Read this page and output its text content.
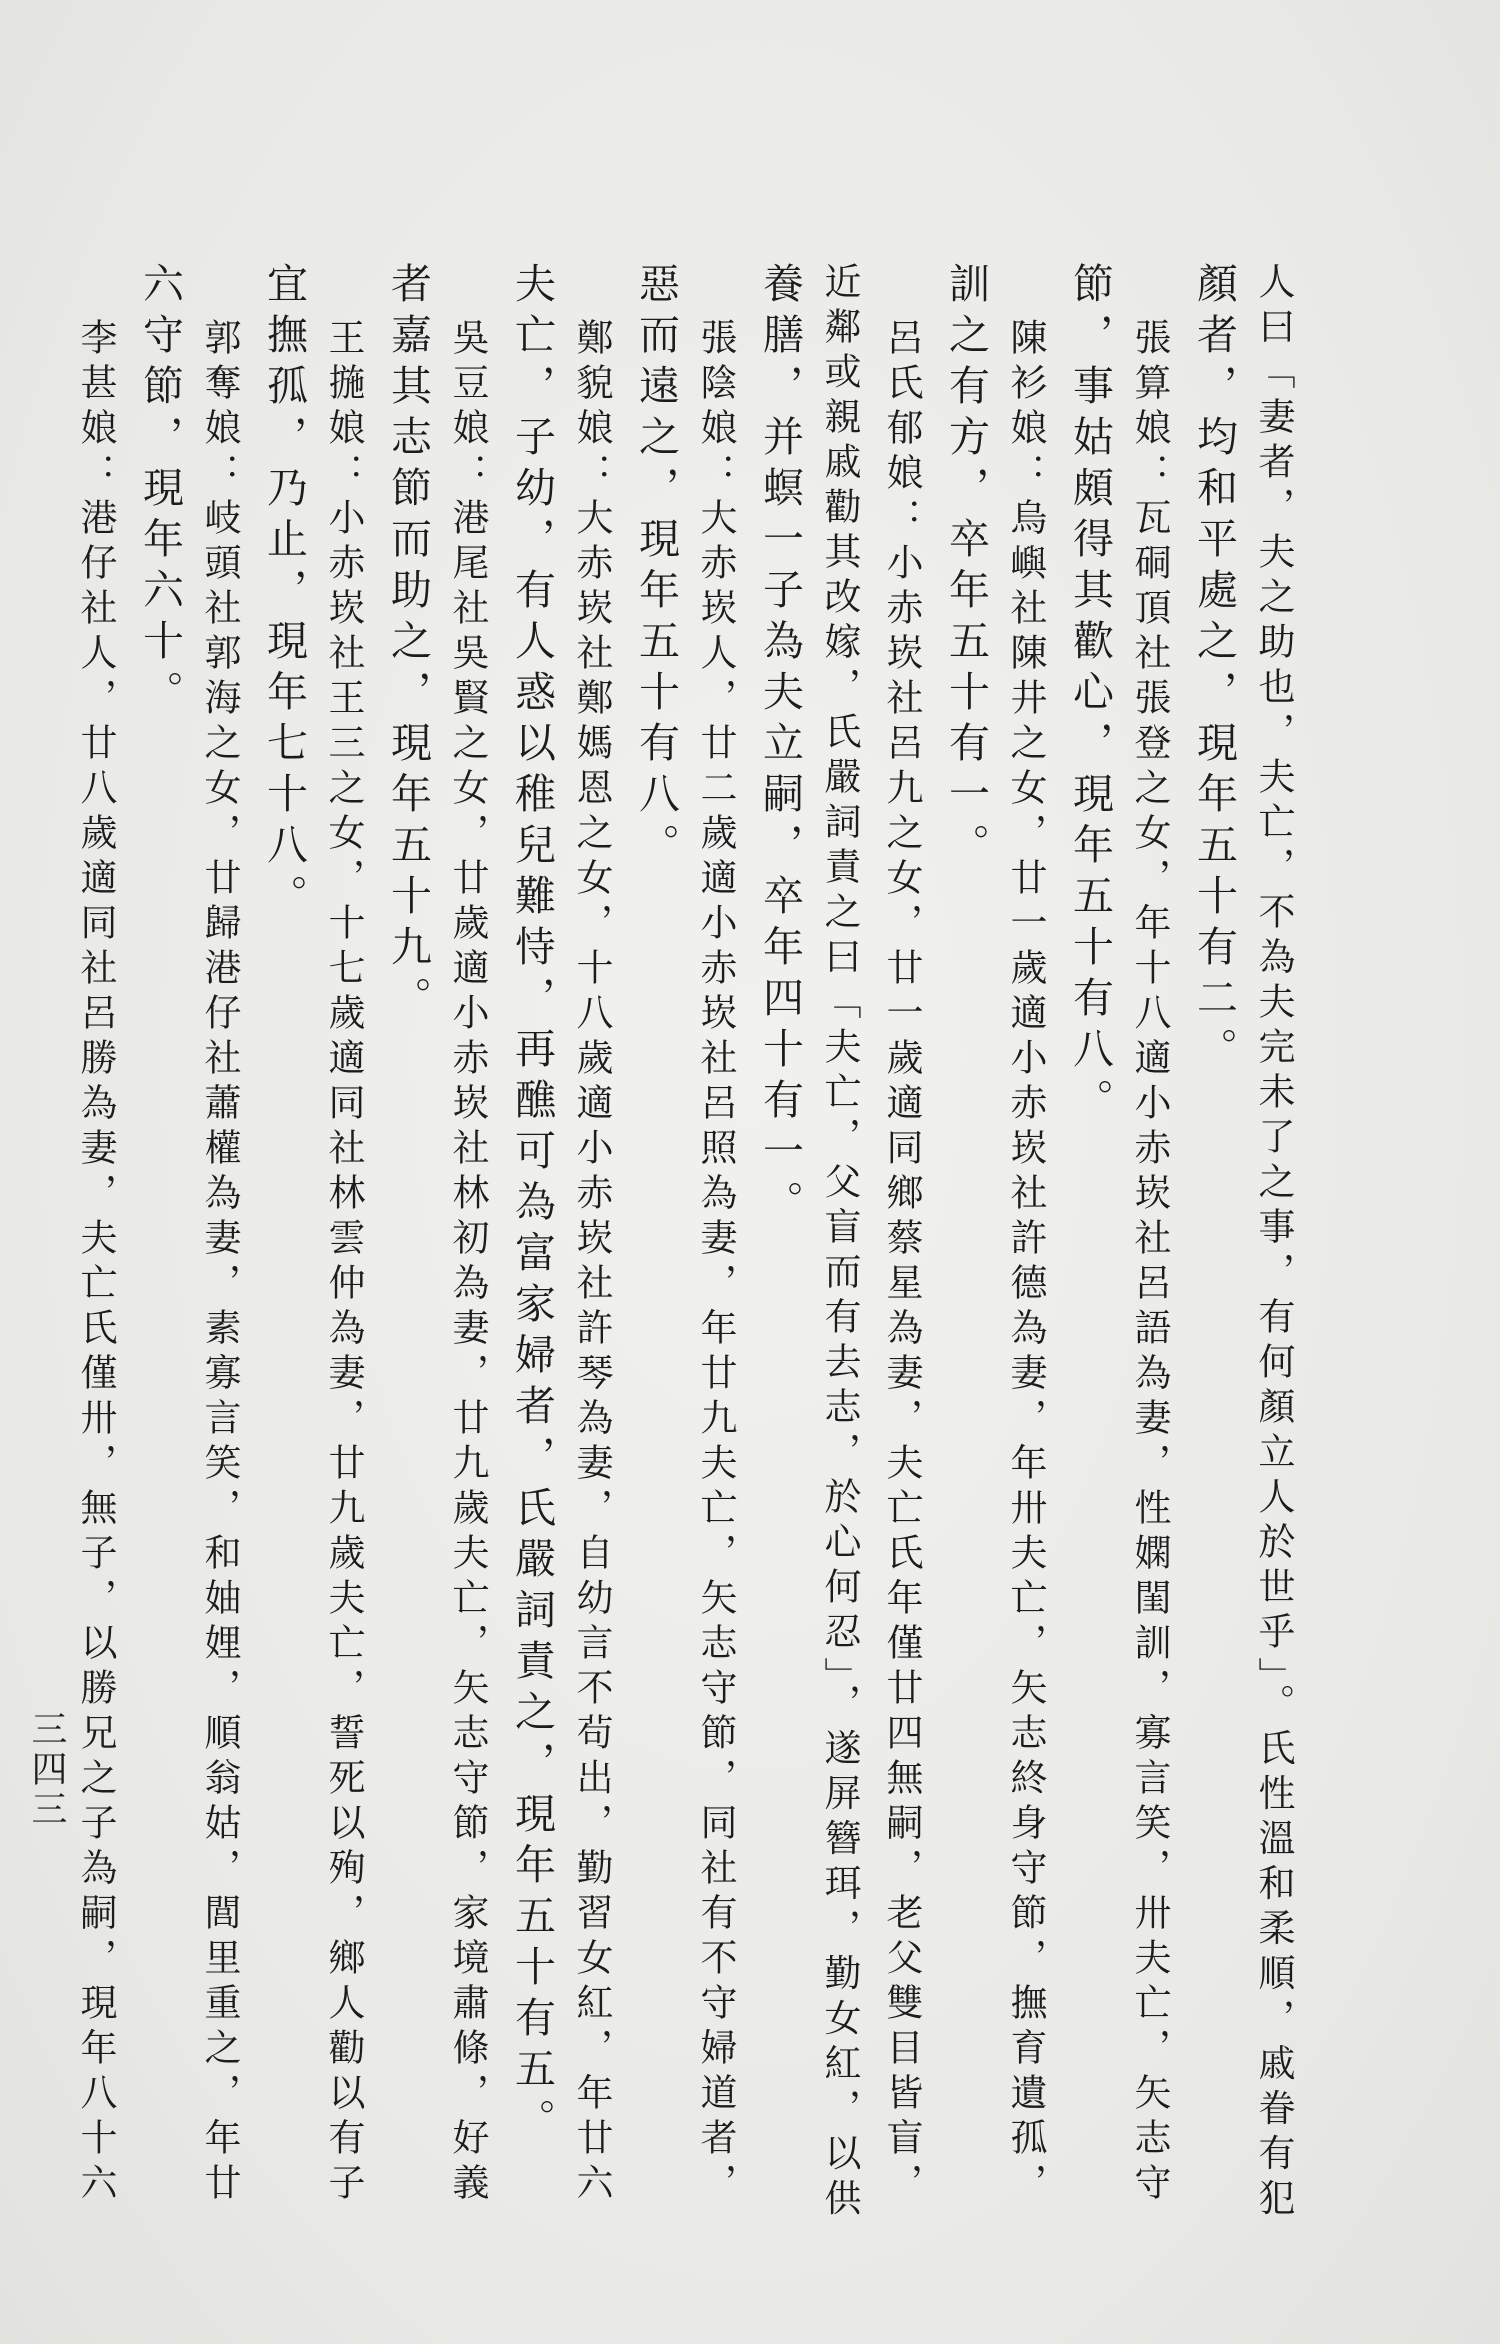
人曰「妻者，夫之助也，夫亡，不為夫完未了之事，有何顏立人於世乎」。氏性溫和柔順，戚眷有犯
顏者，均和平處之，現年五十有二。
張算娘：瓦硐頂社張登之女，年十八適小赤崁社呂語為妻，性嫻閨訓，寡言笑，卅夫亡，矢志守
節，事姑頗得其歡心，現年五十有八。
陳衫娘：烏嶼社陳井之女，廿一歲適小赤崁社許德為妻，年卅夫亡，矢志終身守節，撫育遺孤，
訓之有方，卒年五十有一。
呂氏郁娘：小赤崁社呂九之女，廿一歲適同鄉蔡星為妻，夫亡氏年僅廿四無嗣，老父雙目皆盲，
近鄰或親戚勸其改嫁，氏嚴詞責之曰「夫亡，父盲而有去志，於心何忍」，遂屏簪珥，勤女紅，以供
養膳，并螟一子為夫立嗣，卒年四十有一。
張陰娘：大赤崁人，廿二歲適小赤崁社呂照為妻，年廿九夫亡，矢志守節，同社有不守婦道者，
惡而遠之，現年五十有八。
鄭貌娘：大赤崁社鄭媽恩之女，十八歲適小赤崁社許琴為妻，自幼言不茍出，勤習女紅，年廿六
夫亡，子幼，有人惑以稚兒難恃，再醮可為富家婦者，氏嚴詞責之，現年五十有五。
吳豆娘：港尾社吳賢之女，廿歲適小赤崁社林初為妻，廿九歲夫亡，矢志守節，家境肅條，好義
者嘉其志節而助之，現年五十九。
王揓娘：小赤崁社王三之女，十七歲適同社林雲仲為妻，廿九歲夫亡，誓死以殉，鄉人勸以有子
宜撫孤，乃止，現年七十八。
郭奪娘：岐頭社郭海之女，廿歸港仔社蕭權為妻，素寡言笑，和妯娌，順翁姑，閭里重之，年廿
六守節，現年六十。
李甚娘：港仔社人，廿八歲適同社呂勝為妻，夫亡氏僅卅，無子，以勝兄之子為嗣，現年八十六
三四三
